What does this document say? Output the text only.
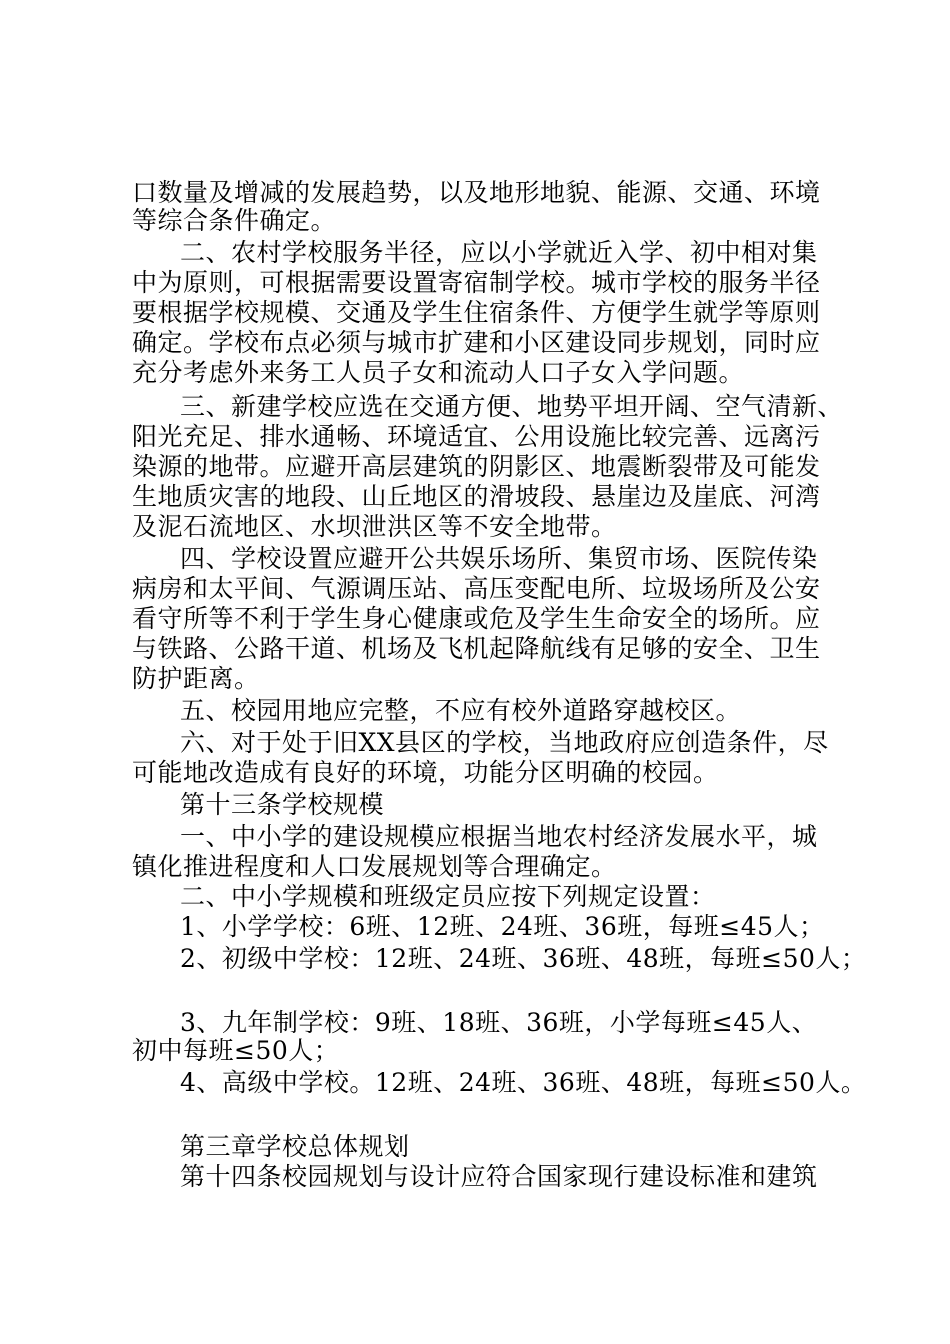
口数量及增减的发展趋势，以及地形地貌、能源、交通、环境
等综合条件确定。
二、农村学校服务半径，应以小学就近入学、初中相对集
中为原则，可根据需要设置寄宿制学校。城市学校的服务半径
要根据学校规模、交通及学生住宿条件、方便学生就学等原则
确定。学校布点必须与城市扩建和小区建设同步规划，同时应
充分考虑外来务工人员子女和流动人口子女入学问题。
三、新建学校应选在交通方便、地势平坦开阔、空气清新、
阳光充足、排水通畅、环境适宜、公用设施比较完善、远离污
染源的地带。应避开高层建筑的阴影区、地震断裂带及可能发
生地质灾害的地段、山丘地区的滑坡段、悬崖边及崖底、河湾
及泥石流地区、水坝泄洪区等不安全地带。
四、学校设置应避开公共娱乐场所、集贸市场、医院传染
病房和太平间、气源调压站、高压变配电所、垃圾场所及公安
看守所等不利于学生身心健康或危及学生生命安全的场所。应
与铁路、公路干道、机场及飞机起降航线有足够的安全、卫生
防护距离。
五、校园用地应完整，不应有校外道路穿越校区。
六、对于处于旧XX县区的学校，当地政府应创造条件，尽
可能地改造成有良好的环境，功能分区明确的校园。
第十三条学校规模
一、中小学的建设规模应根据当地农村经济发展水平，城
镇化推进程度和人口发展规划等合理确定。
二、中小学规模和班级定员应按下列规定设置：
1、小学学校：6班、12班、24班、36班，每班≤45人；
2、初级中学校：12班、24班、36班、48班，每班≤50人；
3、九年制学校：9班、18班、36班，小学每班≤45人、
初中每班≤50人；
4、高级中学校。12班、24班、36班、48班，每班≤50人。
第三章学校总体规划
第十四条校园规划与设计应符合国家现行建设标准和建筑
